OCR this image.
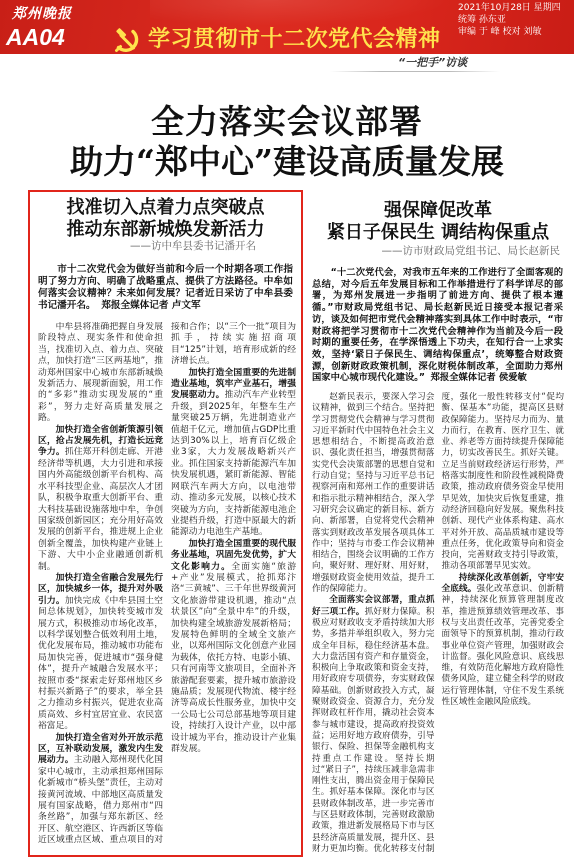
郑州晚报
AA04	学习贯彻市十二次党代会精神
2021年10月28日 星期四
统筹 孙东亚
审编 于 峰 校对 刘敏
“一把手”访谈
全力落实会议部署
助力“郑中心”建设高质量发展
找准切入点着力点突破点
推动东部新城焕发新活力
——访中牟县委书记潘开名

市十二次党代会为做好当前和今后一个时期各项工作指明了努力方向、明确了战略重点、提供了方法路径。中牟如何落实会议精神？未来如何发展？记者近日采访了中牟县委书记潘开名。 郑报全媒体记者 卢文军

中牟县将准确把握自身发展阶段特点、现实条件和使命担当，找准切入点、着力点、突破点，加快打造“三区两基地”，推动郑州国家中心城市东部新城焕发新活力、展现新面貌，用工作的“多彩”推动实现发展的“重彩”，努力走好高质量发展之路。

加快打造全省创新策源引领区，抢占发展先机，打造长远竞争力。抓住郑开科创走廊、开港经济带等机遇，大力引进和承接国内外高能级创新平台机构、高水平科技型企业、高层次人才团队，积极争取重大创新平台、重大科技基础设施落地中牟，争创国家级创新园区；充分用好高效发展的创新平台，推进规上企业创新全覆盖，加快构建产业链上下游、大中小企业融通创新机制。

加快打造全省融合发展先行区，加快城乡一体，提升对外吸引力。加快完成《中牟县国土空间总体规划》，加快转变城市发展方式，积极推动市场化改革，以科学谋划整合低效利用土地，优化发展布局，推动城市功能布局加快完善，促进城市“强身健体”，提升产城融合发展水平；按照市委“探索走好郑州地区乡村振兴新路子”的要求，举全县之力推动乡村振兴，促进农业高质高效、乡村宜居宜业、农民富裕富足。

加快打造全省对外开放示范区，互补联动发展，激发内生发展动力。主动融入郑州现代化国家中心城市，主动承担郑州国际化新城市“桥头堡”责任，主动对接黄河流域、中部地区高质量发展有国家战略，借力郑州市“四条丝路”，加强与郑东新区、经开区、航空港区、许西新区等临近区域重点区域、重点项目的对接和合作；以“三个一批”项目为抓手，持续实施招商项目“125”计划，培育形成新的经济增长点。

加快打造全国重要的先进制造业基地，筑牢产业基石，增强发展驱动力。推动汽车产业转型升级，到2025年，年整车生产量突破25万辆，先进制造业产值超千亿元，增加值占GDP比重达到30%以上，培育百亿级企业3家，大力发展战略新兴产业。抓住国家支持新能源汽车加快发展机遇，紧盯新能源、智能网联汽车两大方向，以电池带动、推动多元发展，以核心技术突破为方向，支持新能源电池企业提档升级，打造中原最大的新能源动力电池生产基地。

加快打造全国重要的现代服务业基地，巩固先发优势，扩大文化影响力。全面实施“旅游+产业”发展模式，抢抓郑汴洛“三黄城”、三千年世界级黄河文化旅游带建设机遇，推动“点状景区”向“全景中牟”的升级，加快构建全域旅游发展新格局；发展特色鲜明的全域全文旅产业，以郑州国际文化创意产业园为载体，依托方特、电影小镇、只有河南等文旅项目，全面补齐旅游配套要素，提升城市旅游设施品质；发展现代物流、楼宇经济等高成长性服务业，加快中交一公局七公司总部基地等项目建设，持续打入设计产业，以中部设计城为平台，推动设计产业集群发展。

强保障促改革
紧日子保民生 调结构保重点
——访市财政局党组书记、局长赵新民

“十二次党代会，对我市五年来的工作进行了全面客观的总结，对今后五年发展目标和工作举措进行了科学详尽的部署，为郑州发展进一步指明了前进方向、提供了根本遵循。”市财政局党组书记、局长赵新民近日接受本报记者采访，谈及如何把市党代会精神落实到具体工作中时表示，“市财政将把学习贯彻市十二次党代会精神作为当前及今后一段时期的重要任务，在学深悟透上下功夫，在知行合一上求实效，坚持‘紧日子保民生、调结构保重点’，统筹整合财政资源，创新财政政策机制，深化财税体制改革，全面助力郑州国家中心城市现代化建设。” 郑报全媒体记者 侯爱敏

赵新民表示，要深入学习会议精神，做到三个结合。坚持把学习贯彻党代会精神与学习贯彻习近平新时代中国特色社会主义思想相结合，不断提高政治意识、强化责任担当，增强贯彻落实党代会决策部署的思想自觉和行动自觉；坚持与习近平总书记视察河南和郑州工作的重要讲话和指示批示精神相结合，深入学习研究会议确定的新目标、新方向、新部署，自觉将党代会精神落实到财政改革发展各项具体工作中；坚持与市委工作会议精神相结合，围绕会议明确的工作方向，聚好财、理好财、用好财，增强财政资金使用效益，提升工作的保障能力。

全面落实会议部署，重点抓好三项工作。抓好财力保障。积极应对财政收支矛盾持续加大形势，多措并举组织收入，努力完成全年目标，稳住经济基本盘。大力盘活国有资产和存量资金，积极向上争取政策和资金支持，用好政府专项债券，夯实财政保障基础。创新财政投入方式，凝聚财政资金、资源合力，充分发挥财政杠杆作用，撬动社会资本参与城市建设，提高政府投资效益；运用好地方政府债券，引导银行、保险、担保等金融机构支持重点工作建设。坚持长期过“紧日子”，持续压减非急需非刚性支出，腾出资金用于保障民生。抓好基本保障。深化市与区县财政体制改革，进一步完善市与区县财政体制，完善财政激励政策，推进新发展格局下市与区县经济高质量发展，提升区、县财力更加均衡。优化转移支付制度，强化一般性转移支付“促均衡、保基本”功能，提高区县财政保障能力。坚持尽力而为、量力而行，在教育、医疗卫生、就业、养老等方面持续提升保障能力，切实改善民生。抓好关键。立足当前财政经济运行形势，严格落实制度性和阶段性减税降费政策，推动政府债务资金早使用早见效，加快灾后恢复重建，推动经济回稳向好发展。聚焦科技创新、现代产业体系构建、高水平对外开放、高品质城市建设等重点任务，优化政策导向和资金投向，完善财政支持引导政策，推动各项部署早见实效。

持续深化改革创新，守牢安全底线。强化改革意识、创新精神，持续深化预算管理制度改革，推进预算绩效管理改革、事权与支出责任改革，完善党委全面领导下的预算机制，推动行政事业单位资产管理，加强财政会计监督。强化风险意识、底线思维，有效防范化解地方政府隐性债务风险，建立健全科学的财政运行管理体制，守住不发生系统性区域性金融风险底线。
